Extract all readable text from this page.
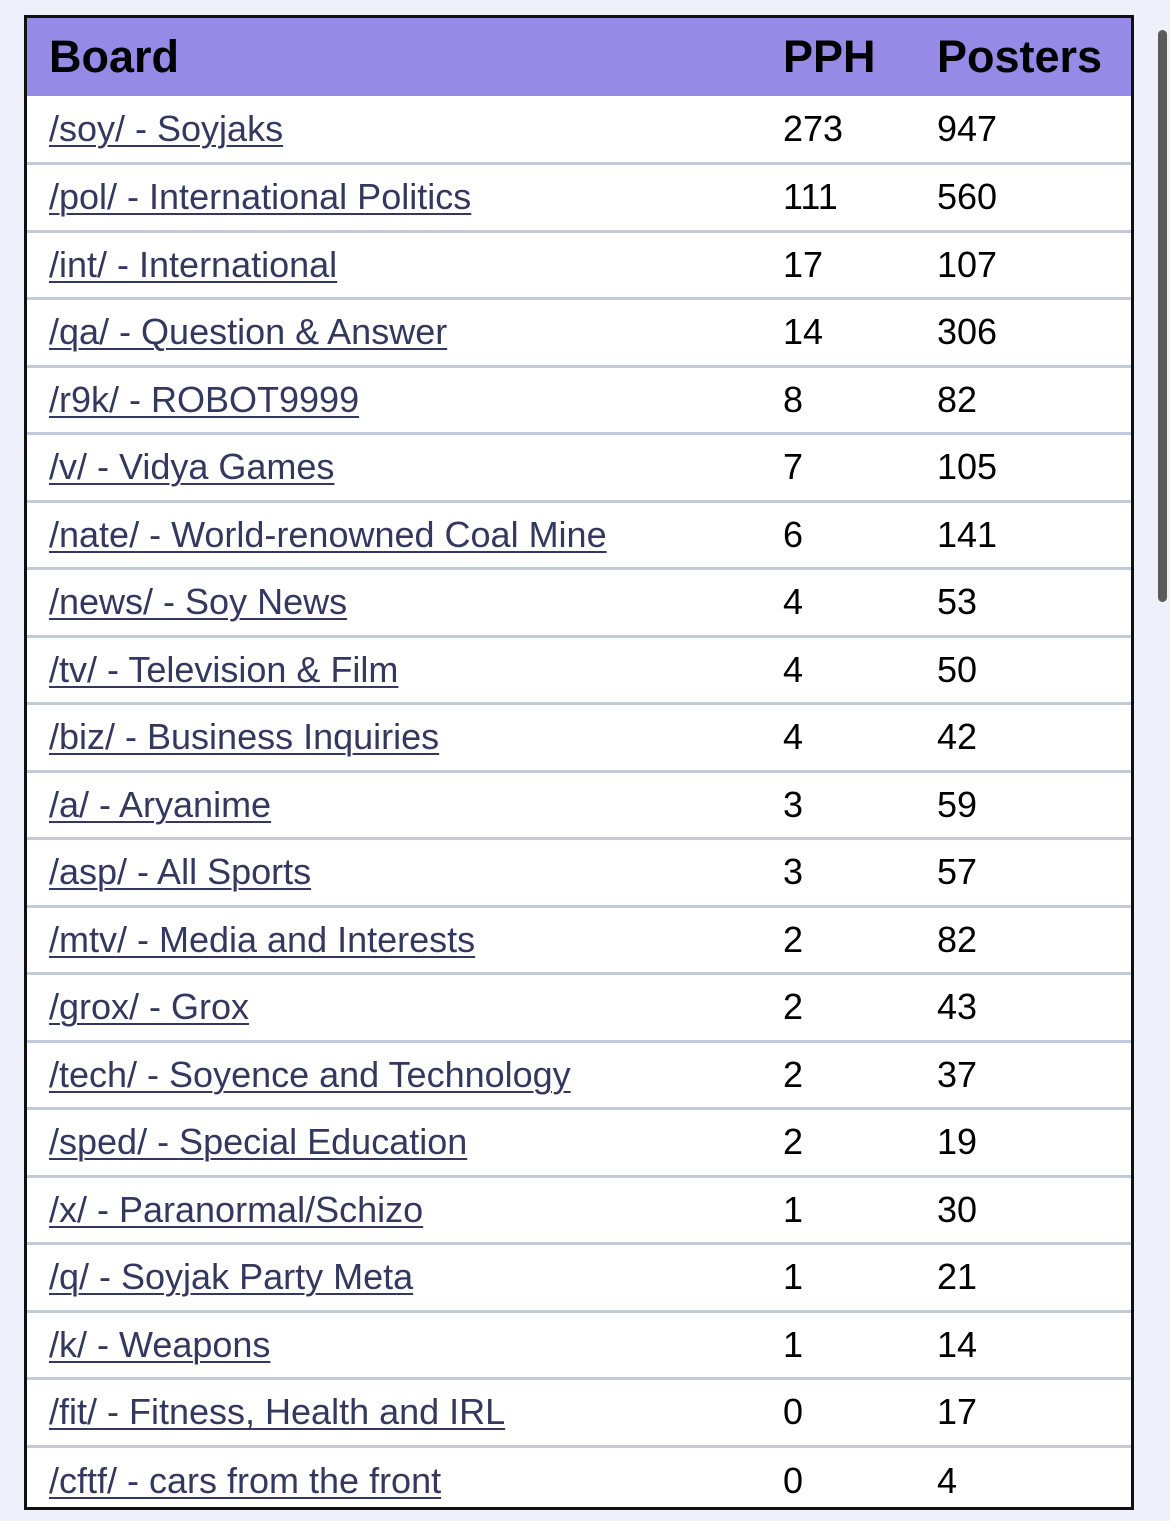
Board	PPH	Posters
/soy/ - Soyjaks	273	947
/pol/ - International Politics	111	560
/int/ - International	17	107
/qa/ - Question & Answer	14	306
/r9k/ - ROBOT9999	8	82
/v/ - Vidya Games	7	105
/nate/ - World-renowned Coal Mine	6	141
/news/ - Soy News	4	53
/tv/ - Television & Film	4	50
/biz/ - Business Inquiries	4	42
/a/ - Aryanime	3	59
/asp/ - All Sports	3	57
/mtv/ - Media and Interests	2	82
/grox/ - Grox	2	43
/tech/ - Soyence and Technology	2	37
/sped/ - Special Education	2	19
/x/ - Paranormal/Schizo	1	30
/q/ - Soyjak Party Meta	1	21
/k/ - Weapons	1	14
/fit/ - Fitness, Health and IRL	0	17
/cftf/ - cars from the front	0	4
